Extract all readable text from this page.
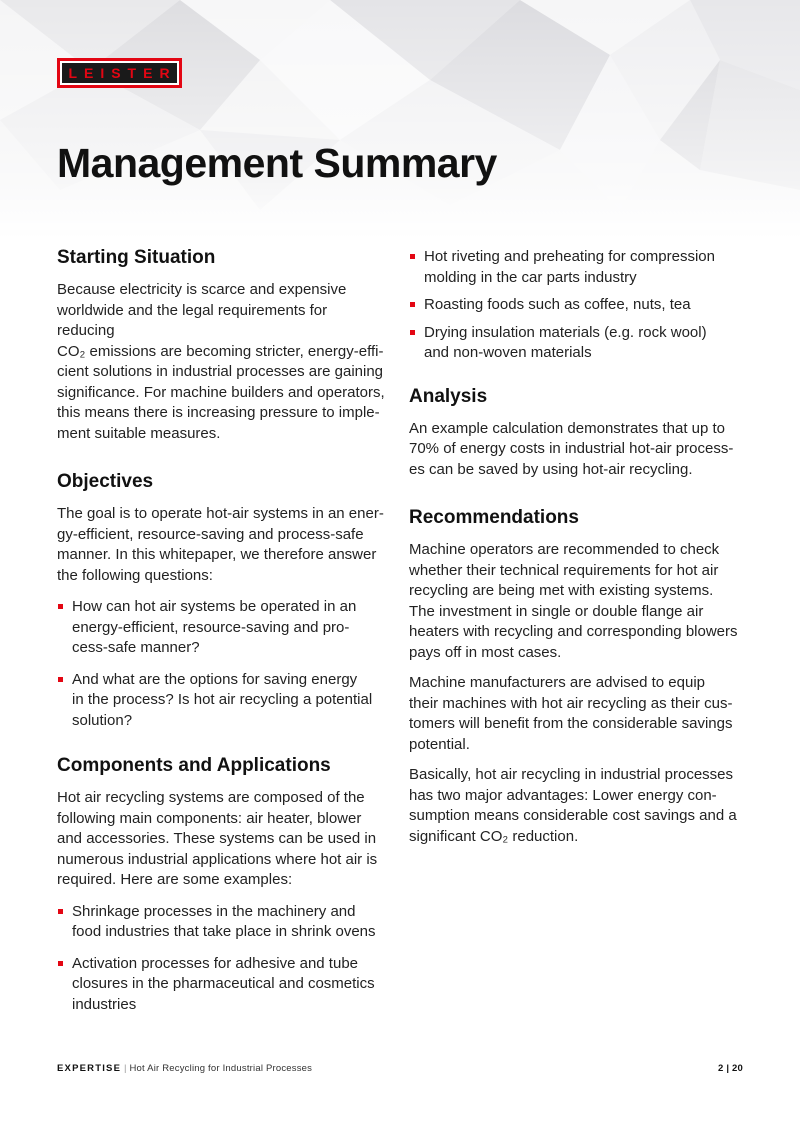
LEISTER
Management Summary
Starting Situation

Because electricity is scarce and expensive
worldwide and the legal requirements for reducing
CO₂ emissions are becoming stricter, energy-effi-
cient solutions in industrial processes are gaining
significance. For machine builders and operators,
this means there is increasing pressure to imple-
ment suitable measures.

Objectives

The goal is to operate hot-air systems in an ener-
gy-efficient, resource-saving and process-safe
manner. In this whitepaper, we therefore answer
the following questions:

How can hot air systems be operated in an
energy-efficient, resource-saving and pro-
cess-safe manner?
And what are the options for saving energy
in the process? Is hot air recycling a potential
solution?
Components and Applications

Hot air recycling systems are composed of the
following main components: air heater, blower
and accessories. These systems can be used in
numerous industrial applications where hot air is
required. Here are some examples:

Shrinkage processes in the machinery and
food industries that take place in shrink ovens
Activation processes for adhesive and tube
closures in the pharmaceutical and cosmetics
industries
Hot riveting and preheating for compression
molding in the car parts industry
Roasting foods such as coffee, nuts, tea
Drying insulation materials (e.g. rock wool)
and non-woven materials
Analysis

An example calculation demonstrates that up to
70% of energy costs in industrial hot-air process-
es can be saved by using hot-air recycling.

Recommendations

Machine operators are recommended to check
whether their technical requirements for hot air
recycling are being met with existing systems.
The investment in single or double flange air
heaters with recycling and corresponding blowers
pays off in most cases.

Machine manufacturers are advised to equip
their machines with hot air recycling as their cus-
tomers will benefit from the considerable savings
potential.

Basically, hot air recycling in industrial processes
has two major advantages: Lower energy con-
sumption means considerable cost savings and a
significant CO₂ reduction.

EXPERTISE | Hot Air Recycling for Industrial Processes	2 | 20
